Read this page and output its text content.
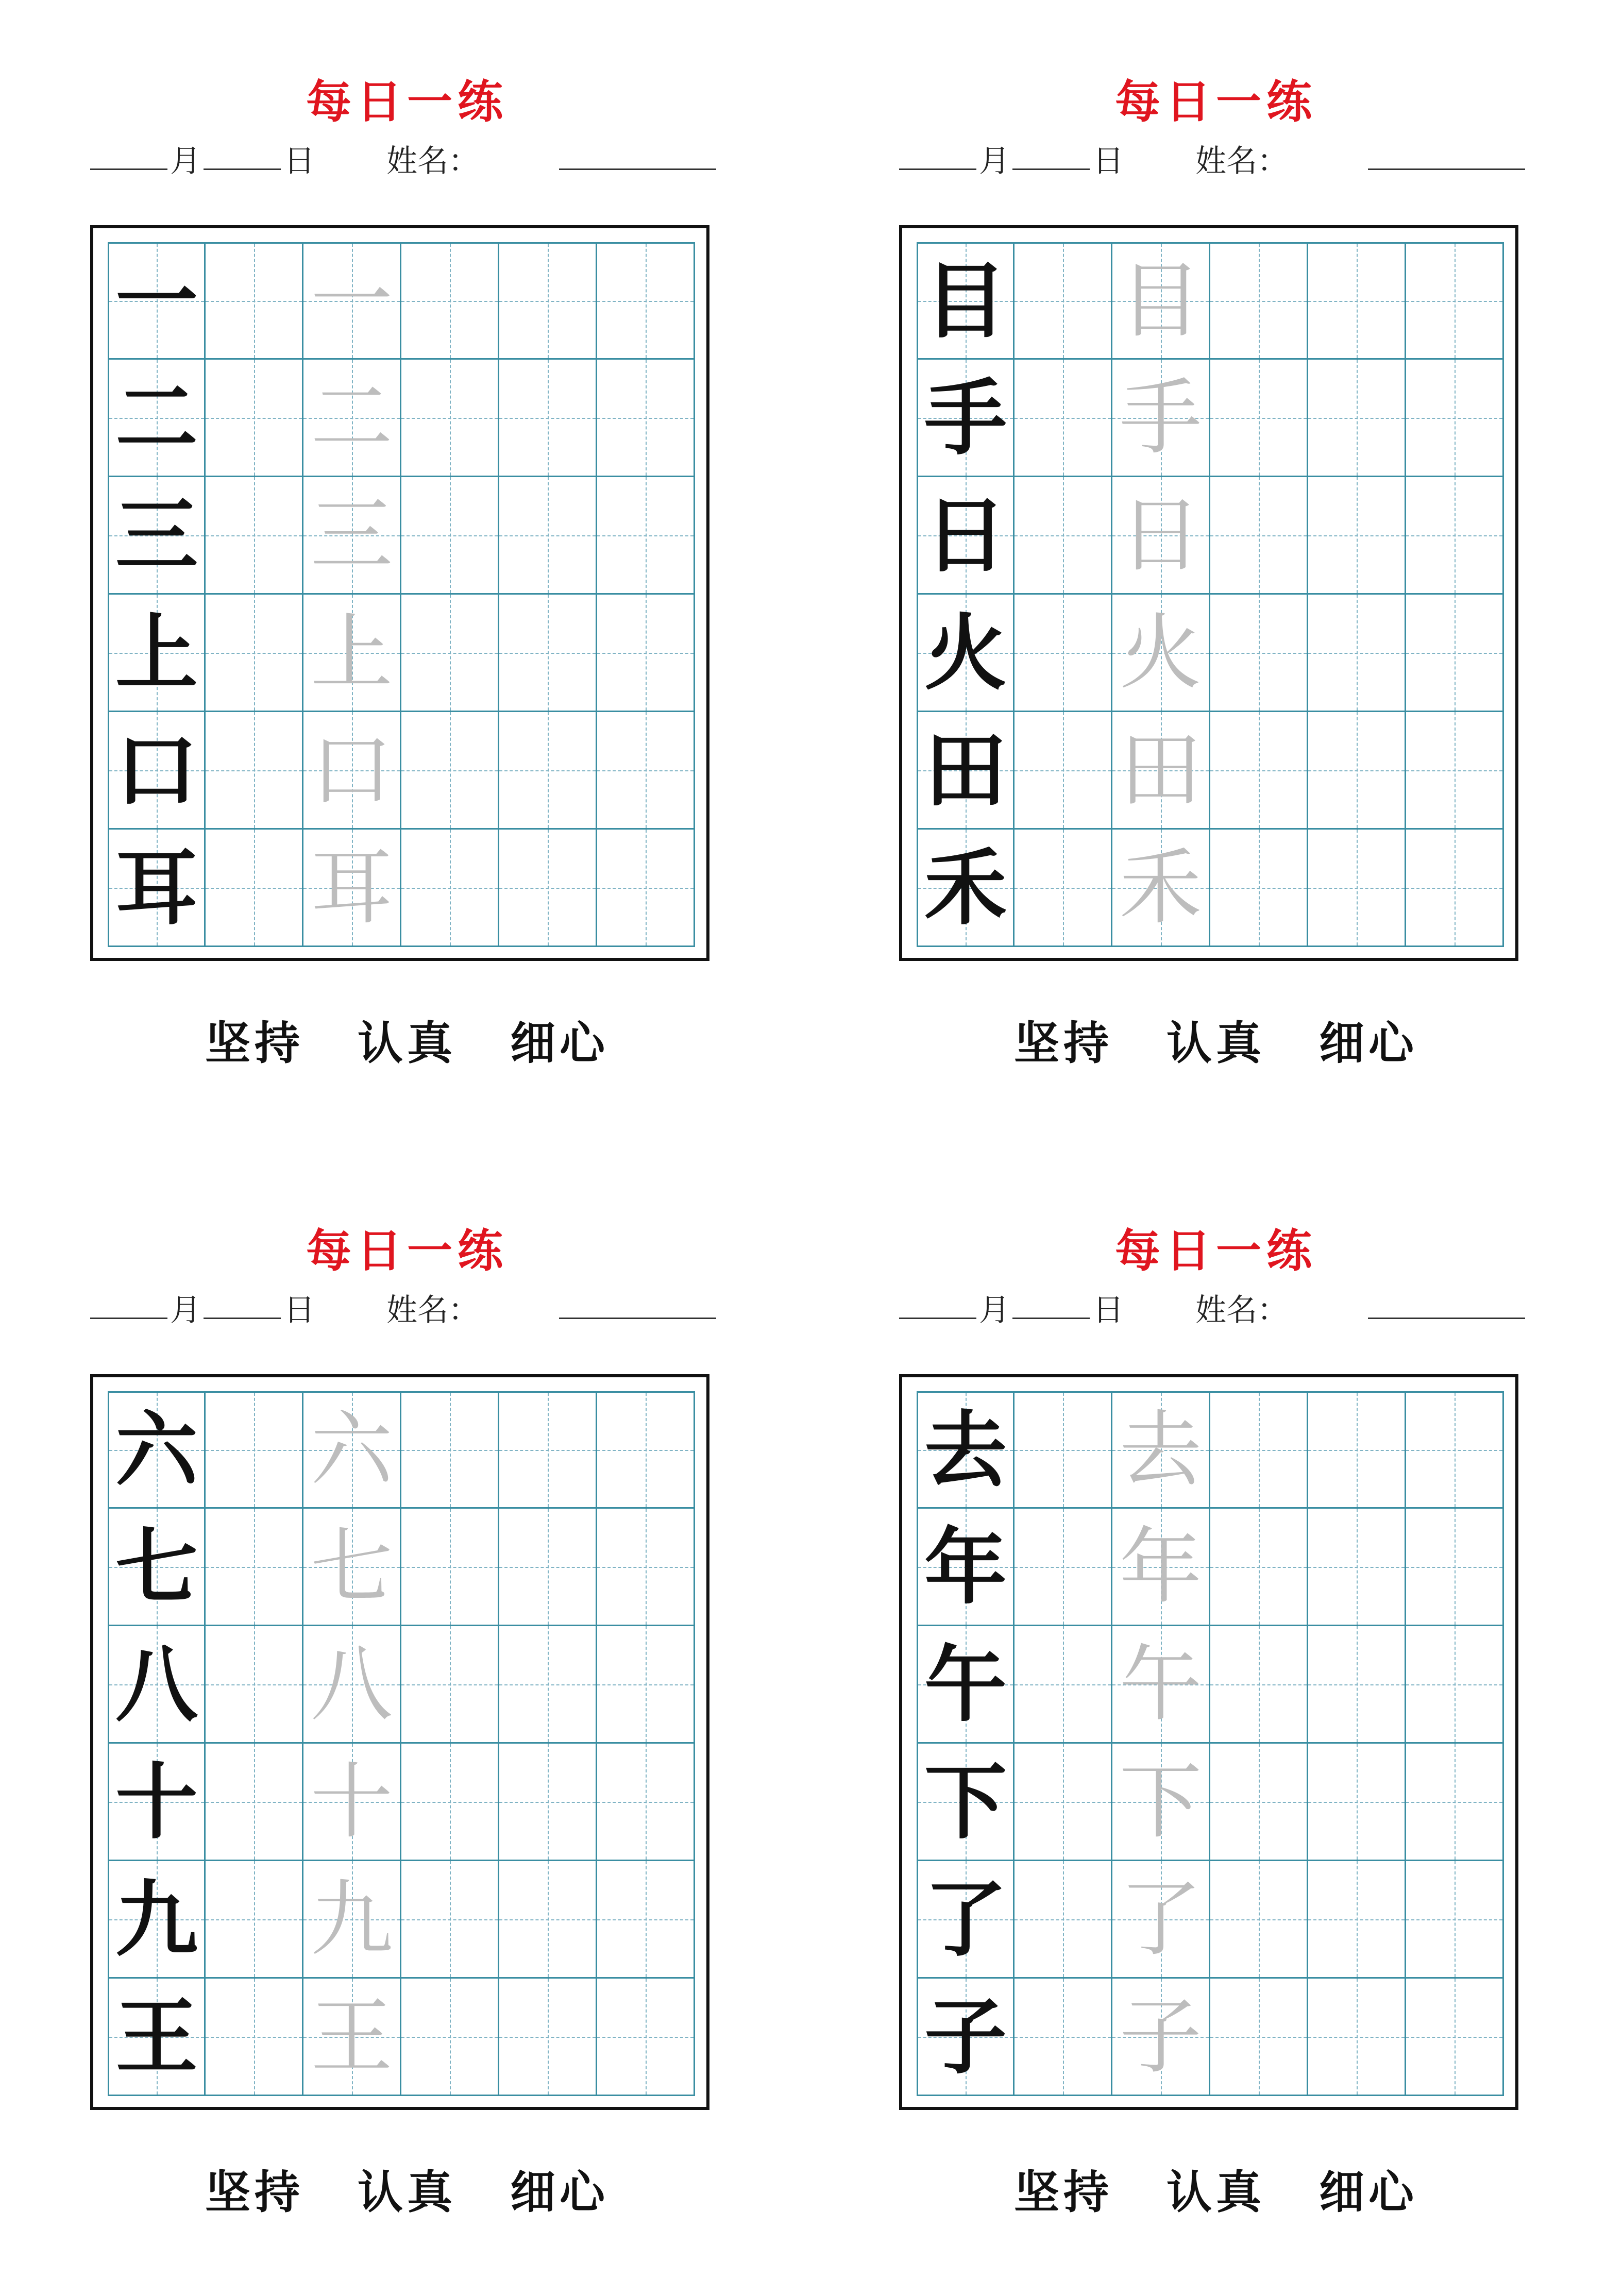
每日一练
月	日 姓名：
一 一
二 二
三 三
上 上
口 口
耳 耳
坚持 认真 细心
每日一练
月	日 姓名：
目 目
手 手
日 日
火 火
田 田
禾 禾
坚持 认真 细心
每日一练
月	日 姓名：
六 六
七 七
八 八
十 十
九 九
王 王
坚持 认真 细心
每日一练
月	日 姓名：
去 去
年 年
午 午
下 下
了 了
子 子
坚持 认真 细心
